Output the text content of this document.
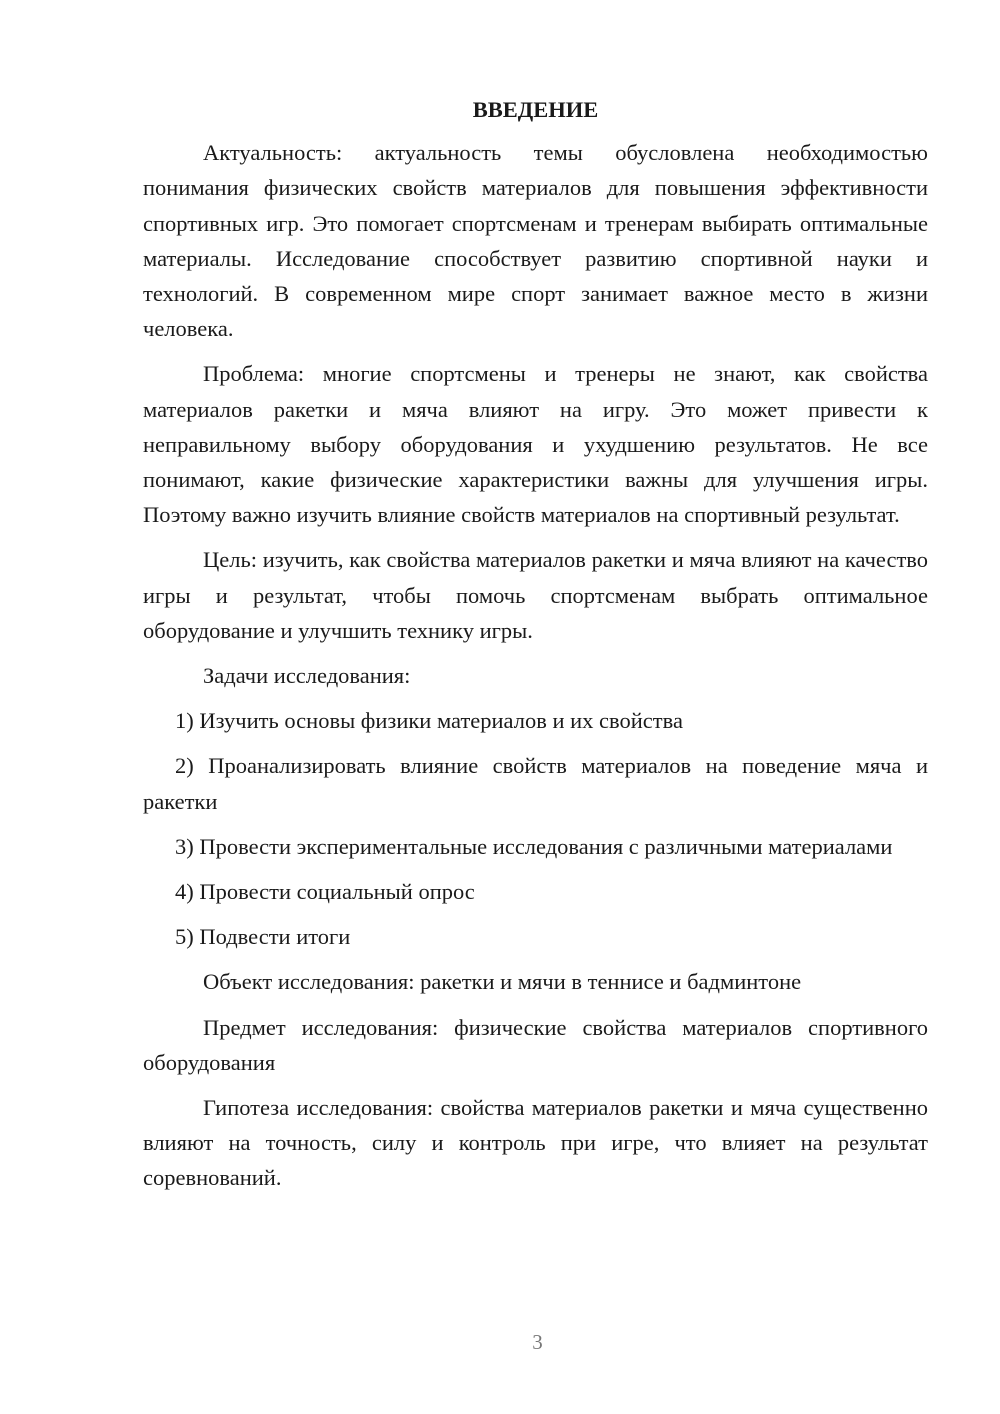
ВВЕДЕНИЕ

Актуальность: актуальность темы обусловлена необходимостью понимания физических свойств материалов для повышения эффективности спортивных игр. Это помогает спортсменам и тренерам выбирать оптимальные материалы. Исследование способствует развитию спортивной науки и технологий. В современном мире спорт занимает важное место в жизни человека.

Проблема: многие спортсмены и тренеры не знают, как свойства материалов ракетки и мяча влияют на игру. Это может привести к неправильному выбору оборудования и ухудшению результатов. Не все понимают, какие физические характеристики важны для улучшения игры. Поэтому важно изучить влияние свойств материалов на спортивный результат.

Цель: изучить, как свойства материалов ракетки и мяча влияют на качество игры и результат, чтобы помочь спортсменам выбрать оптимальное оборудование и улучшить технику игры.

Задачи исследования:

1) Изучить основы физики материалов и их свойства

2) Проанализировать влияние свойств материалов на поведение мяча и ракетки

3) Провести экспериментальные исследования с различными материалами

4) Провести социальный опрос

5) Подвести итоги

Объект исследования: ракетки и мячи в теннисе и бадминтоне

Предмет исследования: физические свойства материалов спортивного оборудования

Гипотеза исследования: свойства материалов ракетки и мяча существенно влияют на точность, силу и контроль при игре, что влияет на результат соревнований.

3
